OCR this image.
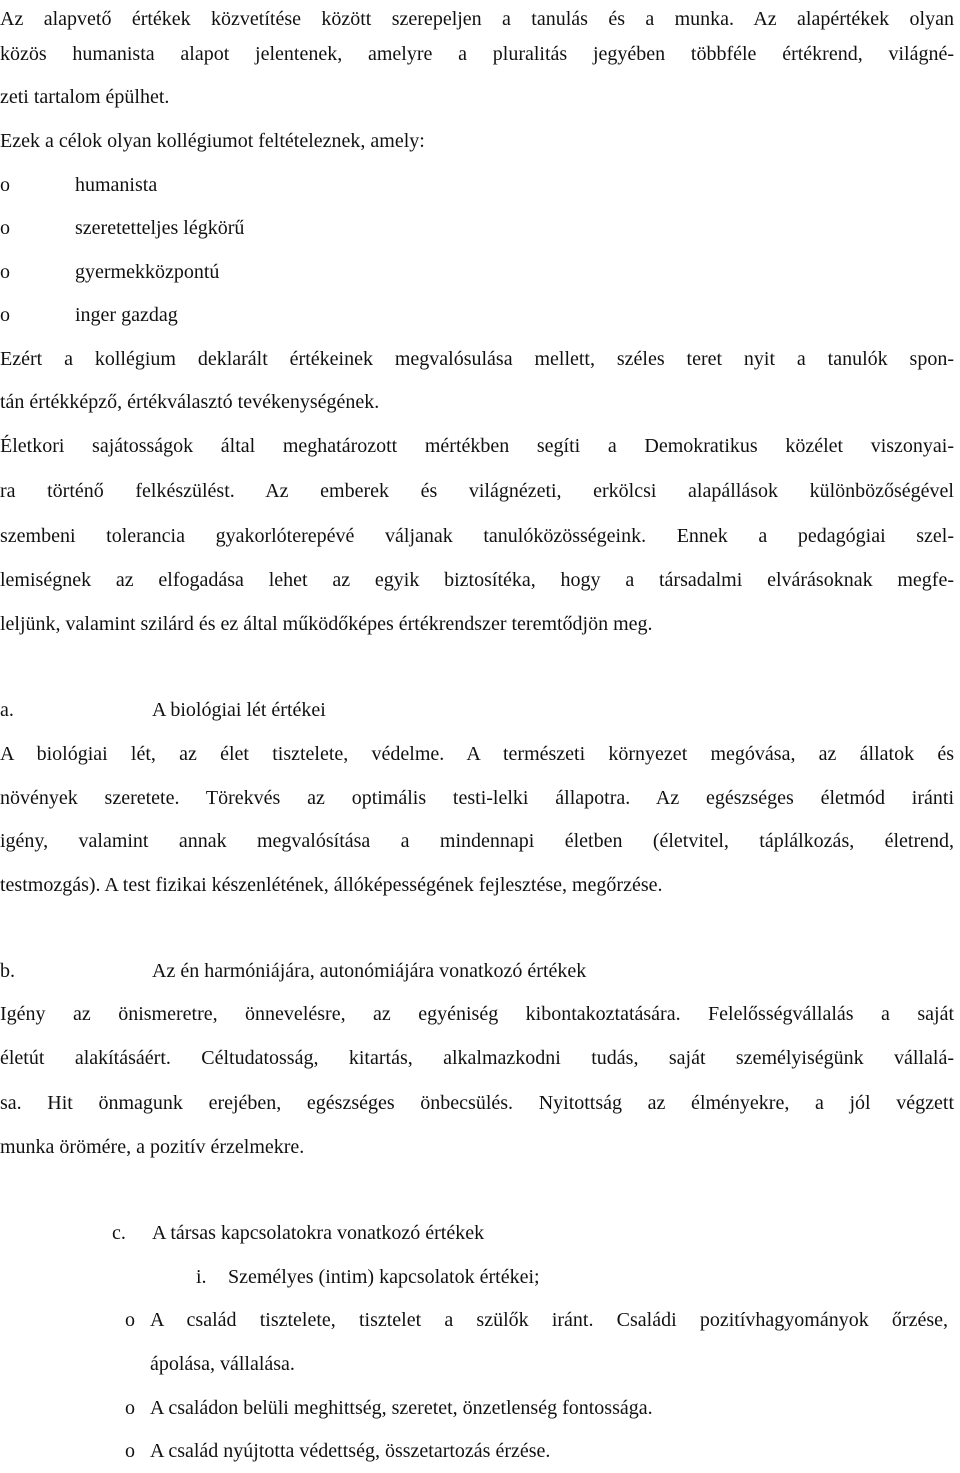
Az alapvető értékek közvetítése között szerepeljen a tanulás és a munka. Az alapértékek olyan
közös humanista alapot jelentenek, amelyre a pluralitás jegyében többféle értékrend, világné-
zeti tartalom épülhet.
Ezek a célok olyan kollégiumot feltételeznek, amely:
o	humanista
o	szeretetteljes légkörű
o	gyermekközpontú
o	inger gazdag
Ezért a kollégium deklarált értékeinek megvalósulása mellett, széles teret nyit a tanulók spon-
tán értékképző, értékválasztó tevékenységének.
Életkori sajátosságok által meghatározott mértékben segíti a Demokratikus közélet viszonyai-
ra történő felkészülést. Az emberek és világnézeti, erkölcsi alapállások különbözőségével
szembeni tolerancia gyakorlóterepévé váljanak tanulóközösségeink. Ennek a pedagógiai szel-
lemiségnek az elfogadása lehet az egyik biztosítéka, hogy a társadalmi elvárásoknak megfe-
leljünk, valamint szilárd és ez által működőképes értékrendszer teremtődjön meg.
a.	A biológiai lét értékei
A biológiai lét, az élet tisztelete, védelme. A természeti környezet megóvása, az állatok és
növények szeretete. Törekvés az optimális testi-lelki állapotra. Az egészséges életmód iránti
igény, valamint annak megvalósítása a mindennapi életben (életvitel, táplálkozás, életrend,
testmozgás). A test fizikai készenlétének, állóképességének fejlesztése, megőrzése.
b.	Az én harmóniájára, autonómiájára vonatkozó értékek
Igény az önismeretre, önnevelésre, az egyéniség kibontakoztatására. Felelősségvállalás a saját
életút alakításáért. Céltudatosság, kitartás, alkalmazkodni tudás, saját személyiségünk vállalá-
sa. Hit önmagunk erejében, egészséges önbecsülés. Nyitottság az élményekre, a jól végzett
munka örömére, a pozitív érzelmekre.
c. A társas kapcsolatokra vonatkozó értékek
i. Személyes (intim) kapcsolatok értékei;
o A család tisztelete, tisztelet a szülők iránt. Családi pozitívhagyományok őrzése,
ápolása, vállalása.
o A családon belüli meghittség, szeretet, önzetlenség fontossága.
o A család nyújtotta védettség, összetartozás érzése.
